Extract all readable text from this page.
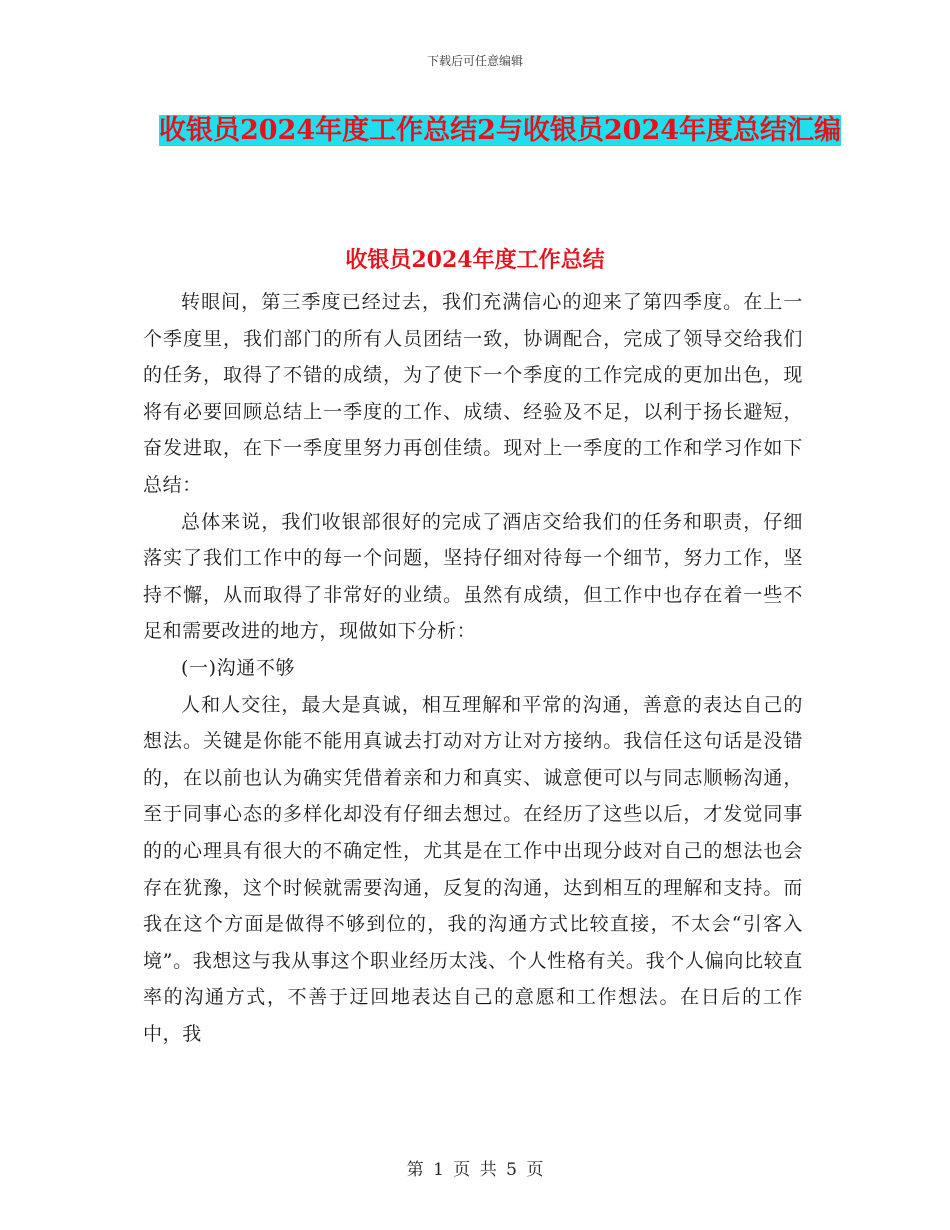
下载后可任意编辑
收银员2024年度工作总结2与收银员2024年度总结汇编
收银员2024年度工作总结

转眼间，第三季度已经过去，我们充满信心的迎来了第四季度。在上一个季度里，我们部门的所有人员团结一致，协调配合，完成了领导交给我们的任务，取得了不错的成绩，为了使下一个季度的工作完成的更加出色，现将有必要回顾总结上一季度的工作、成绩、经验及不足，以利于扬长避短，奋发进取，在下一季度里努力再创佳绩。现对上一季度的工作和学习作如下总结：

总体来说，我们收银部很好的完成了酒店交给我们的任务和职责，仔细落实了我们工作中的每一个问题，坚持仔细对待每一个细节，努力工作，坚持不懈，从而取得了非常好的业绩。虽然有成绩，但工作中也存在着一些不足和需要改进的地方，现做如下分析：

(一)沟通不够

人和人交往，最大是真诚，相互理解和平常的沟通，善意的表达自己的想法。关键是你能不能用真诚去打动对方让对方接纳。我信任这句话是没错的，在以前也认为确实凭借着亲和力和真实、诚意便可以与同志顺畅沟通，至于同事心态的多样化却没有仔细去想过。在经历了这些以后，才发觉同事的的心理具有很大的不确定性，尤其是在工作中出现分歧对自己的想法也会存在犹豫，这个时候就需要沟通，反复的沟通，达到相互的理解和支持。而我在这个方面是做得不够到位的，我的沟通方式比较直接，不太会“引客入境”。我想这与我从事这个职业经历太浅、个人性格有关。我个人偏向比较直率的沟通方式，不善于迂回地表达自己的意愿和工作想法。在日后的工作中，我

第 1 页 共 5 页
